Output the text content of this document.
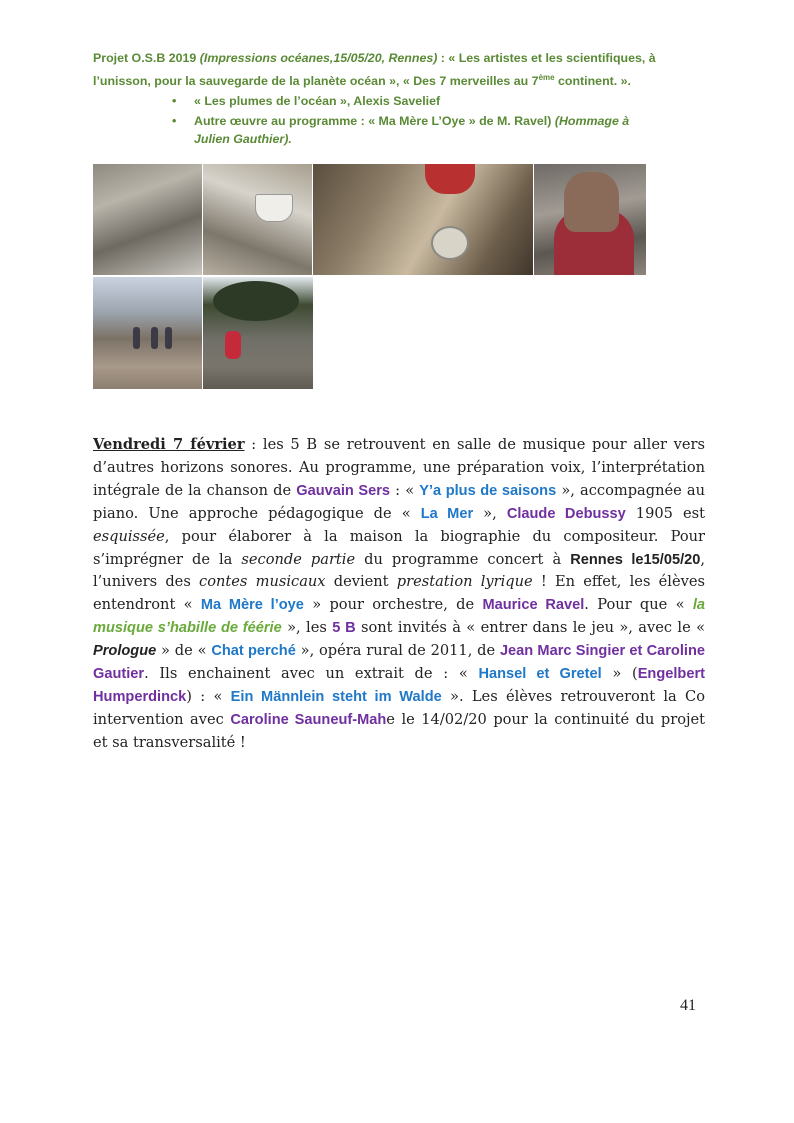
Projet O.S.B 2019 (Impressions océanes,15/05/20, Rennes) : « Les artistes et les scientifiques, à l’unisson, pour la sauvegarde de la planète océan », « Des 7 merveilles au 7ème continent. ».
• « Les plumes de l’océan », Alexis Savelief
• Autre œuvre au programme : « Ma Mère L’Oye » de M. Ravel) (Hommage à Julien Gauthier).
Vendredi 7 février : les 5 B se retrouvent en salle de musique pour aller vers d’autres horizons sonores. Au programme, une préparation voix, l’interprétation intégrale de la chanson de Gauvain Sers : « Y’a plus de saisons », accompagnée au piano. Une approche pédagogique de « La Mer », Claude Debussy 1905 est esquissée, pour élaborer à la maison la biographie du compositeur. Pour s’imprégner de la seconde partie du programme concert à Rennes le15/05/20, l’univers des contes musicaux devient prestation lyrique ! En effet, les élèves entendront « Ma Mère l’oye » pour orchestre, de Maurice Ravel. Pour que « la musique s’habille de féérie », les 5 B sont invités à « entrer dans le jeu », avec le « Prologue » de « Chat perché », opéra rural de 2011, de Jean Marc Singier et Caroline Gautier. Ils enchainent avec un extrait de : « Hansel et Gretel » (Engelbert Humperdinck) : « Ein Männlein steht im Walde ». Les élèves retrouveront la Co intervention avec Caroline Sauneuf-Mahe le 14/02/20 pour la continuité du projet et sa transversalité !
41
